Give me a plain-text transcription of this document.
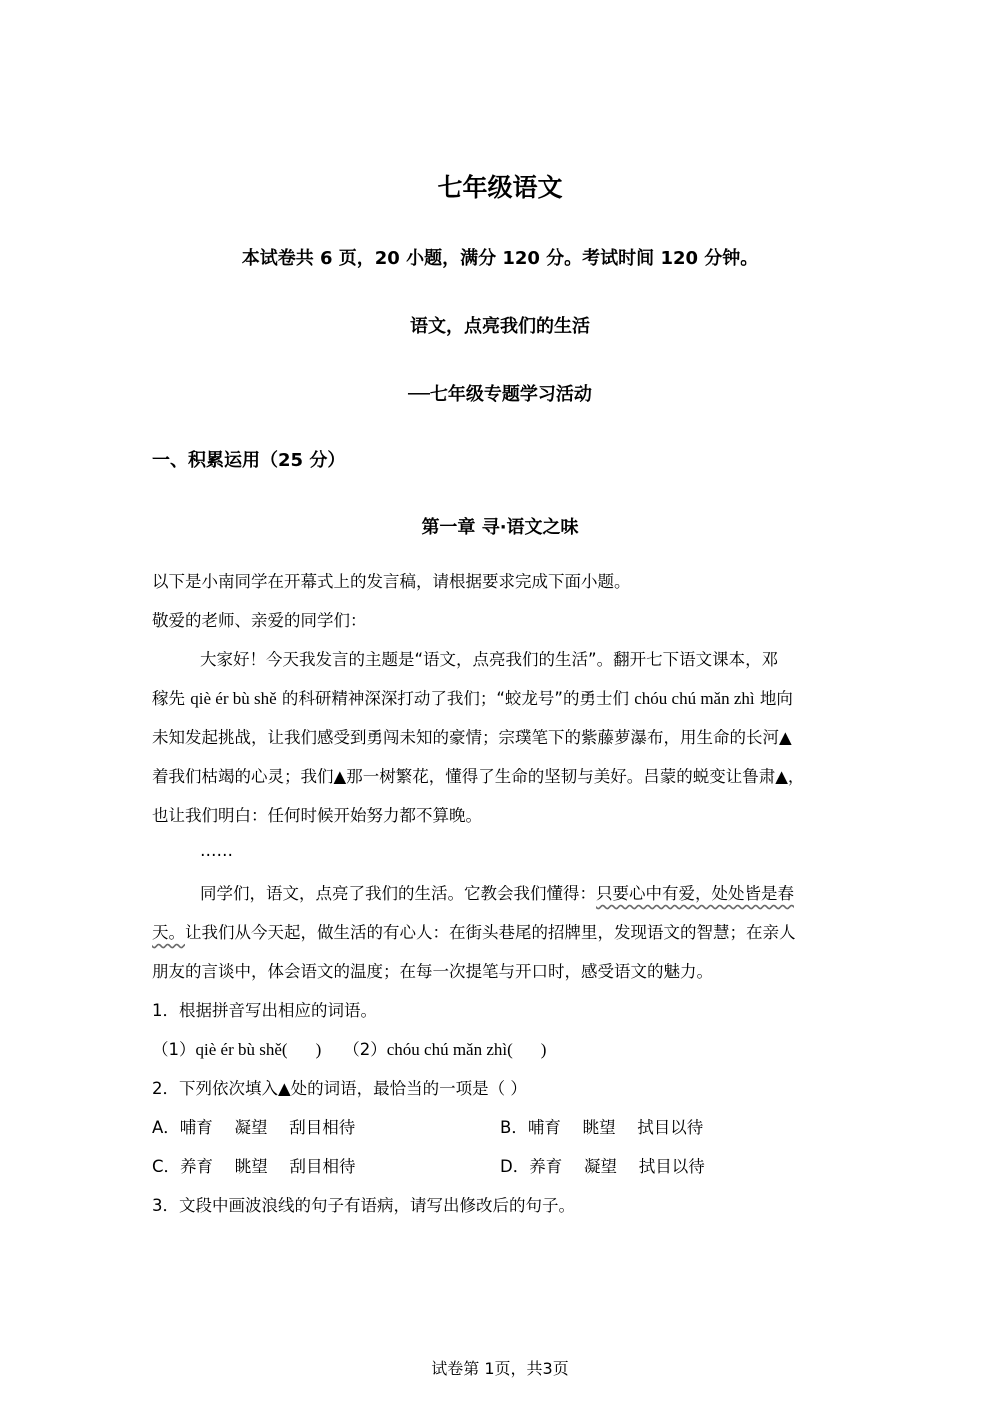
七年级语文
本试卷共 6 页，20 小题，满分 120 分。考试时间 120 分钟。
语文，点亮我们的生活
──七年级专题学习活动
一、积累运用（25 分）
第一章 寻·语文之味
以下是小南同学在开幕式上的发言稿，请根据要求完成下面小题。
敬爱的老师、亲爱的同学们：
大家好！今天我发言的主题是“语文，点亮我们的生活”。翻开七下语文课本，邓
稼先 qiè ér bù shě 的科研精神深深打动了我们；“蛟龙号”的勇士们 chóu chú mǎn zhì 地向
未知发起挑战，让我们感受到勇闯未知的豪情；宗璞笔下的紫藤萝瀑布，用生命的长河▲
着我们枯竭的心灵；我们▲那一树繁花，懂得了生命的坚韧与美好。吕蒙的蜕变让鲁肃▲，
也让我们明白：任何时候开始努力都不算晚。
……
同学们，语文，点亮了我们的生活。它教会我们懂得：只要心中有爱，处处皆是春
天。让我们从今天起，做生活的有心人：在街头巷尾的招牌里，发现语文的智慧；在亲人
朋友的言谈中，体会语文的温度；在每一次提笔与开口时，感受语文的魅力。
1．根据拼音写出相应的词语。
（1）qiè ér bù shě( ) （2）chóu chú mǎn zhì( )
2．下列依次填入▲处的词语，最恰当的一项是（ ）
A．哺育　 凝望　 刮目相待	B．哺育　 眺望　 拭目以待
C．养育　 眺望　 刮目相待	D．养育　 凝望　 拭目以待
3．文段中画波浪线的句子有语病，请写出修改后的句子。
试卷第 1页，共3页
